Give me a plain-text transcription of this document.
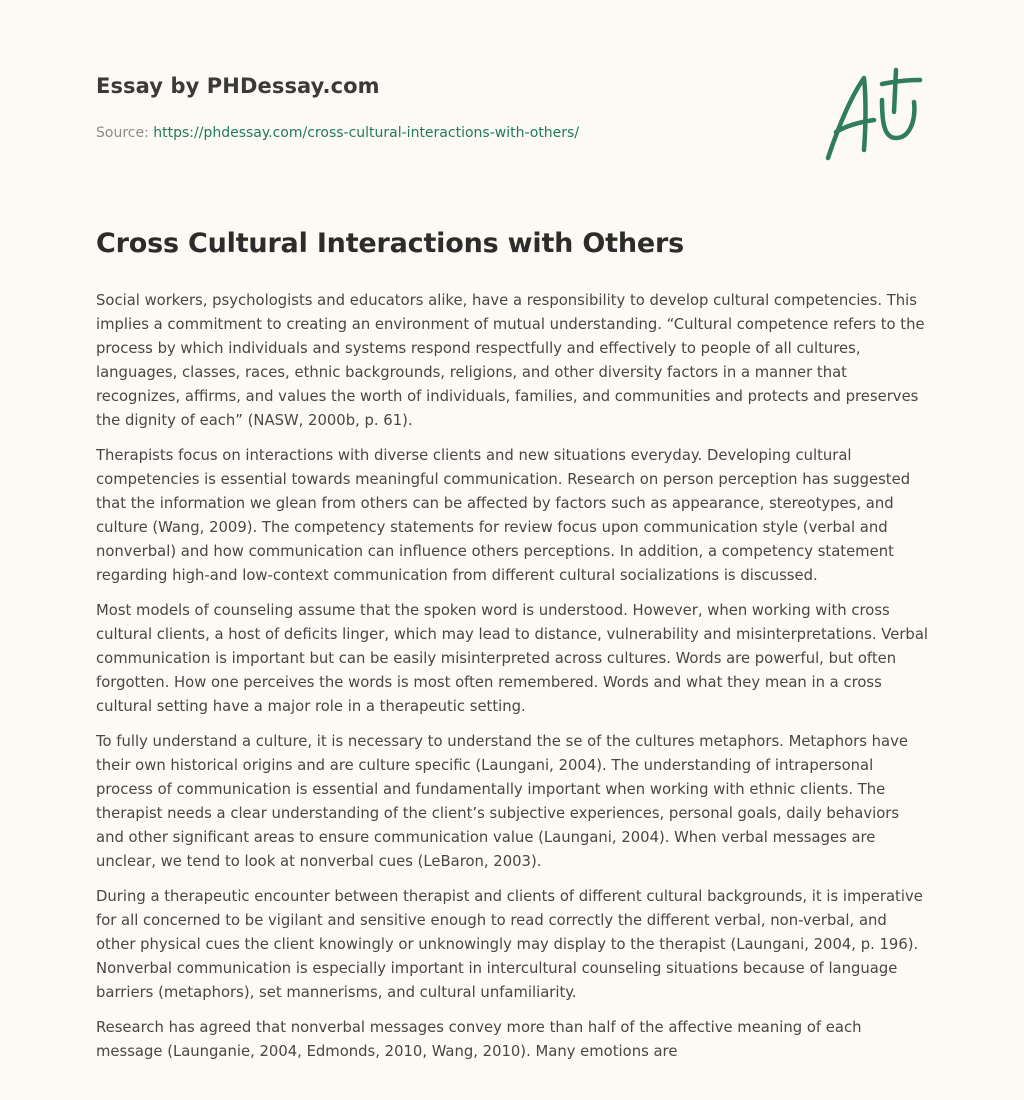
Essay by PHDessay.com
Source: https://phdessay.com/cross-cultural-interactions-with-others/
Cross Cultural Interactions with Others

Social workers, psychologists and educators alike, have a responsibility to develop cultural competencies. This implies a commitment to creating an environment of mutual understanding. “Cultural competence refers to the process by which individuals and systems respond respectfully and effectively to people of all cultures, languages, classes, races, ethnic backgrounds, religions, and other diversity factors in a manner that recognizes, affirms, and values the worth of individuals, families, and communities and protects and preserves the dignity of each” (NASW, 2000b, p. 61).

Therapists focus on interactions with diverse clients and new situations everyday. Developing cultural competencies is essential towards meaningful communication. Research on person perception has suggested that the information we glean from others can be affected by factors such as appearance, stereotypes, and culture (Wang, 2009). The competency statements for review focus upon communication style (verbal and nonverbal) and how communication can influence others perceptions. In addition, a competency statement regarding high-and low-context communication from different cultural socializations is discussed.

Most models of counseling assume that the spoken word is understood. However, when working with cross cultural clients, a host of deficits linger, which may lead to distance, vulnerability and misinterpretations. Verbal communication is important but can be easily misinterpreted across cultures. Words are powerful, but often forgotten. How one perceives the words is most often remembered. Words and what they mean in a cross cultural setting have a major role in a therapeutic setting.

To fully understand a culture, it is necessary to understand the se of the cultures metaphors. Metaphors have their own historical origins and are culture specific (Laungani, 2004). The understanding of intrapersonal process of communication is essential and fundamentally important when working with ethnic clients. The therapist needs a clear understanding of the client’s subjective experiences, personal goals, daily behaviors and other significant areas to ensure communication value (Laungani, 2004). When verbal messages are unclear, we tend to look at nonverbal cues (LeBaron, 2003).

During a therapeutic encounter between therapist and clients of different cultural backgrounds, it is imperative for all concerned to be vigilant and sensitive enough to read correctly the different verbal, non-verbal, and other physical cues the client knowingly or unknowingly may display to the therapist (Laungani, 2004, p. 196). Nonverbal communication is especially important in intercultural counseling situations because of language barriers (metaphors), set mannerisms, and cultural unfamiliarity.

Research has agreed that nonverbal messages convey more than half of the affective meaning of each message (Launganie, 2004, Edmonds, 2010, Wang, 2010). Many emotions are
